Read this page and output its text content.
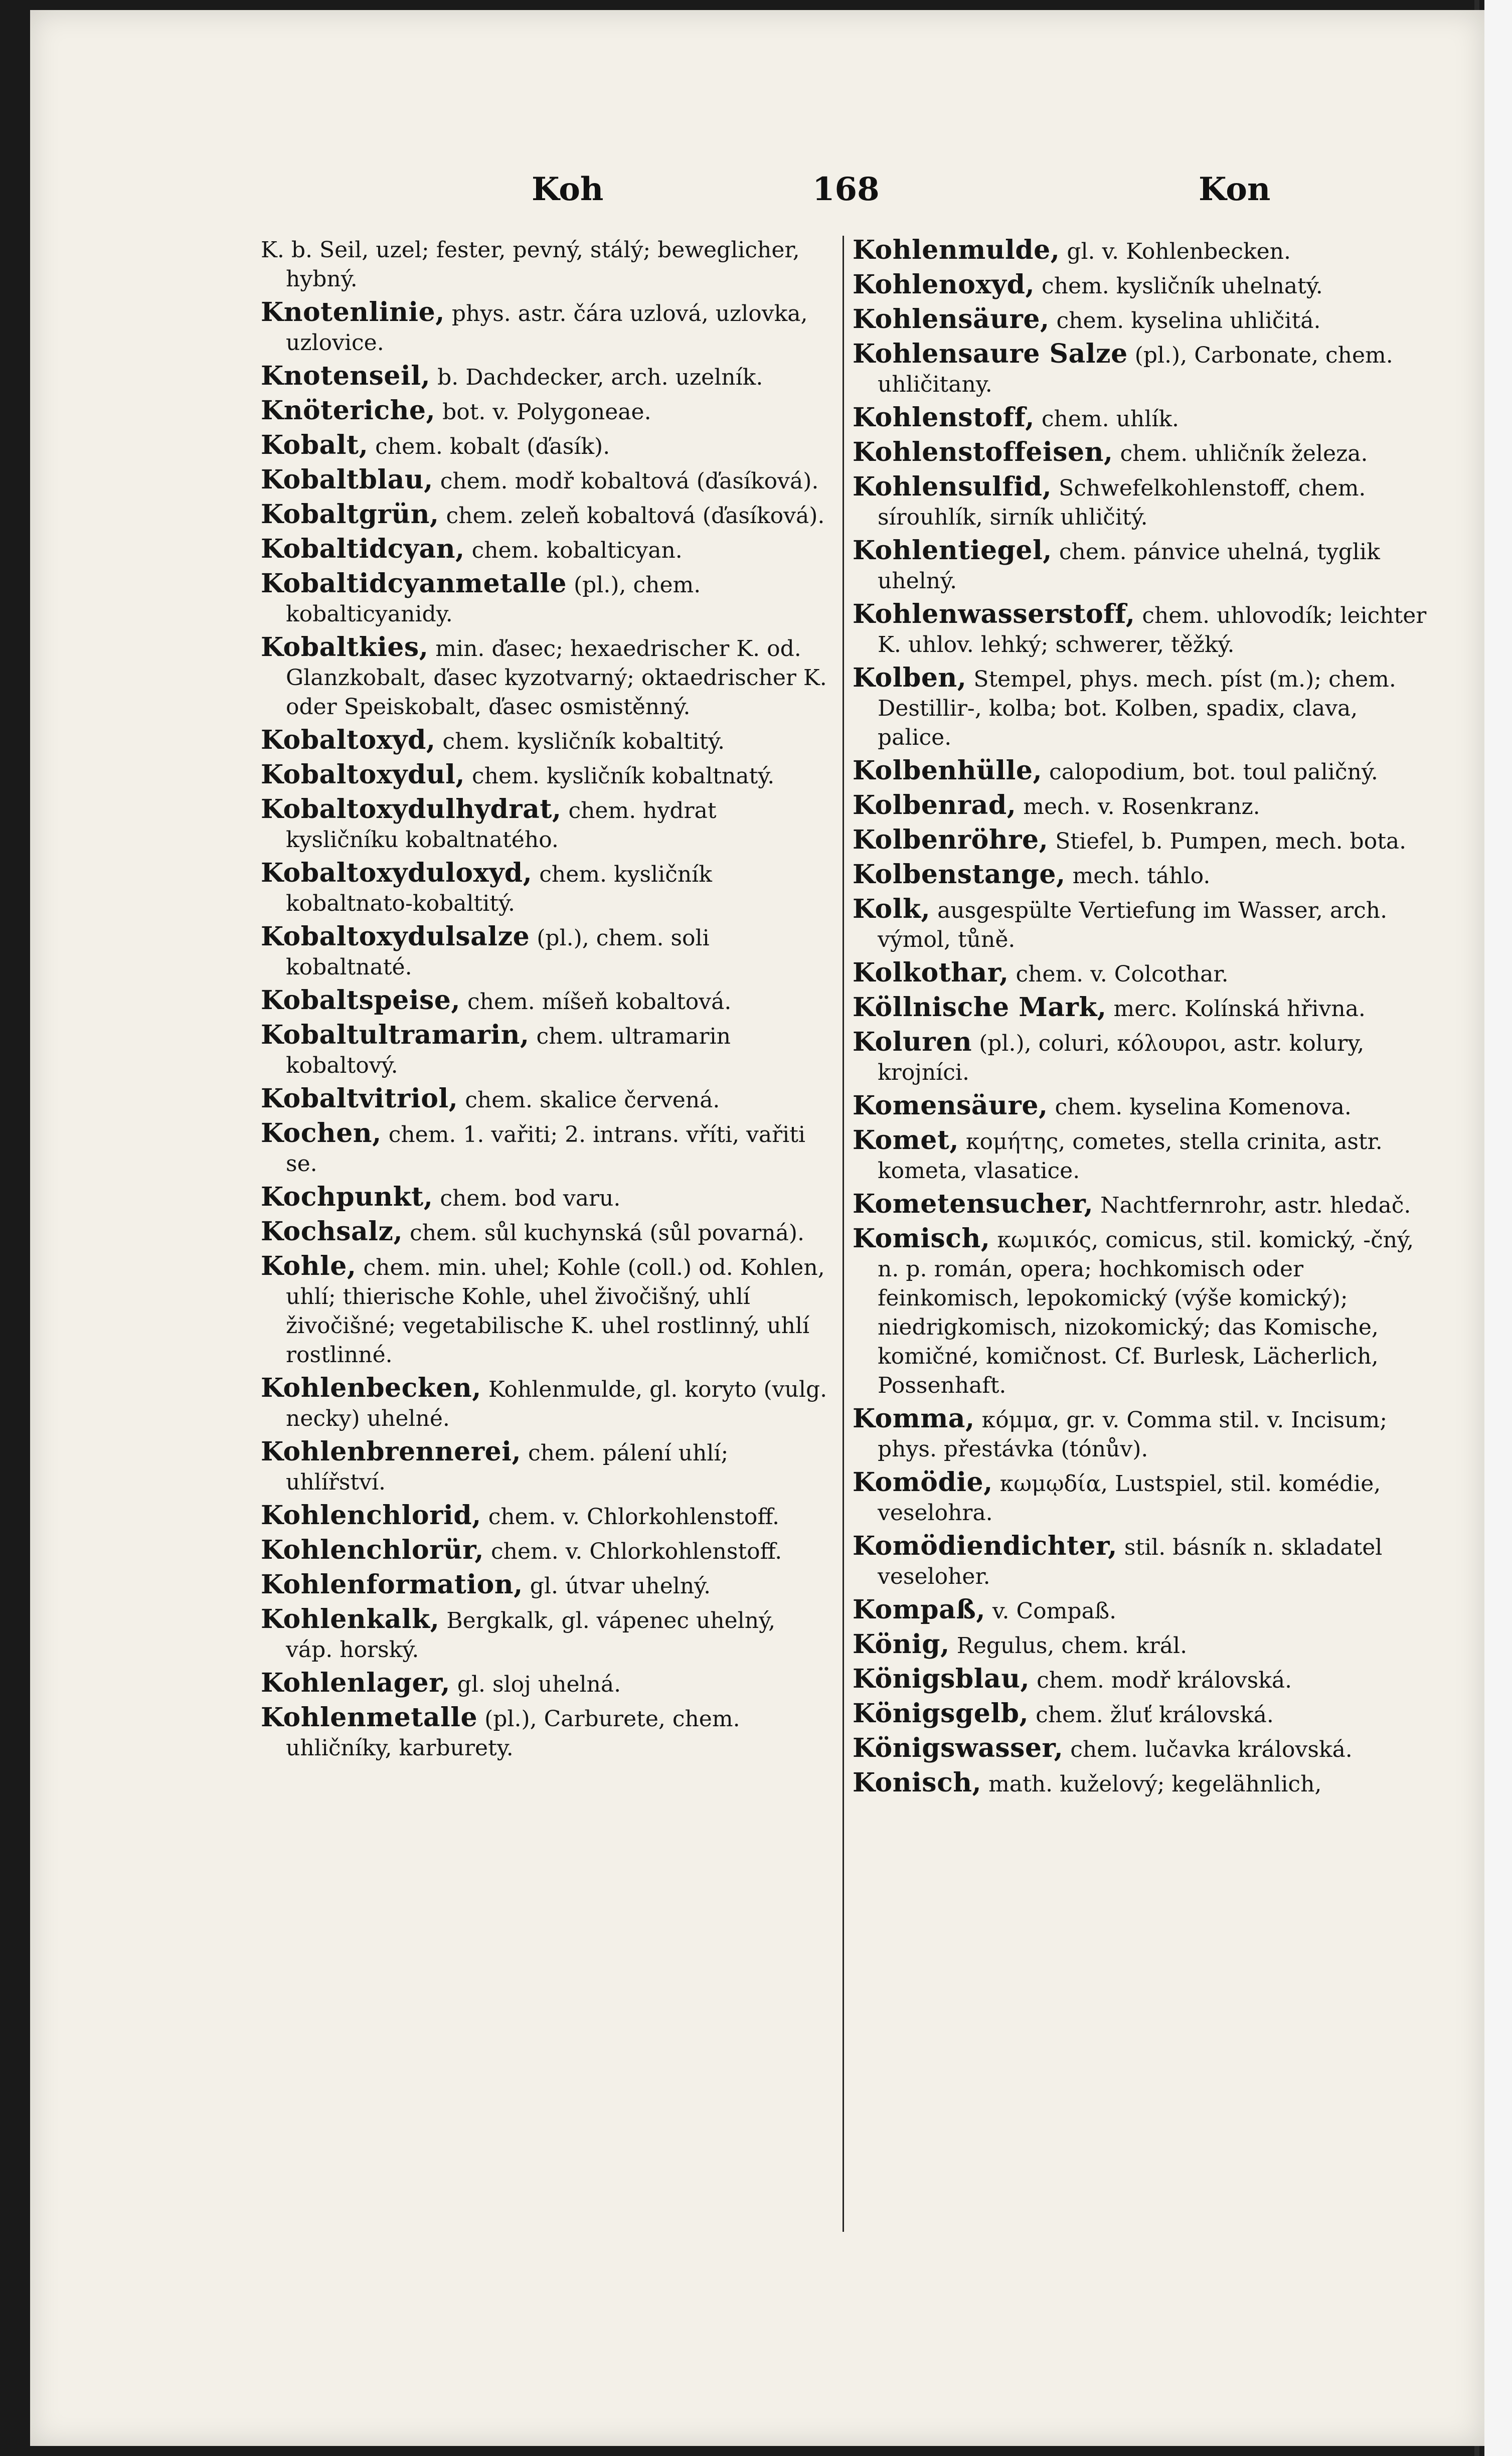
Koh	168	Kon
K. b. Seil, uzel; fester, pevný, stálý; beweglicher, hybný.
Knotenlinie, phys. astr. čára uzlová, uzlovka, uzlovice.
Knotenseil, b. Dachdecker, arch. uzelník.
Knöteriche, bot. v. Polygoneae.
Kobalt, chem. kobalt (ďasík).
Kobaltblau, chem. modř kobaltová (ďasíková).
Kobaltgrün, chem. zeleň kobaltová (ďasíková).
Kobaltidcyan, chem. kobalticyan.
Kobaltidcyanmetalle (pl.), chem. kobalticyanidy.
Kobaltkies, min. ďasec; hexaedrischer K. od. Glanzkobalt, ďasec kyzotvarný; oktaedrischer K. oder Speiskobalt, ďasec osmistěnný.
Kobaltoxyd, chem. kysličník kobaltitý.
Kobaltoxydul, chem. kysličník kobaltnatý.
Kobaltoxydulhydrat, chem. hydrat kysličníku kobaltnatého.
Kobaltoxyduloxyd, chem. kysličník kobaltnato-kobaltitý.
Kobaltoxydulsalze (pl.), chem. soli kobaltnaté.
Kobaltspeise, chem. míšeň kobaltová.
Kobaltultramarin, chem. ultramarin kobaltový.
Kobaltvitriol, chem. skalice červená.
Kochen, chem. 1. vařiti; 2. intrans. vříti, vařiti se.
Kochpunkt, chem. bod varu.
Kochsalz, chem. sůl kuchynská (sůl povarná).
Kohle, chem. min. uhel; Kohle (coll.) od. Kohlen, uhlí; thierische Kohle, uhel živočišný, uhlí živočišné; vegetabilische K. uhel rostlinný, uhlí rostlinné.
Kohlenbecken, Kohlenmulde, gl. koryto (vulg. necky) uhelné.
Kohlenbrennerei, chem. pálení uhlí; uhlířství.
Kohlenchlorid, chem. v. Chlorkohlenstoff.
Kohlenchlorür, chem. v. Chlorkohlenstoff.
Kohlenformation, gl. útvar uhelný.
Kohlenkalk, Bergkalk, gl. vápenec uhelný, váp. horský.
Kohlenlager, gl. sloj uhelná.
Kohlenmetalle (pl.), Carburete, chem. uhličníky, karburety.
Kohlenmulde, gl. v. Kohlenbecken.
Kohlenoxyd, chem. kysličník uhelnatý.
Kohlensäure, chem. kyselina uhličitá.
Kohlensaure Salze (pl.), Carbonate, chem. uhličitany.
Kohlenstoff, chem. uhlík.
Kohlenstoffeisen, chem. uhličník železa.
Kohlensulfid, Schwefelkohlenstoff, chem. sírouhlík, sirník uhličitý.
Kohlentiegel, chem. pánvice uhelná, tyglik uhelný.
Kohlenwasserstoff, chem. uhlovodík; leichter K. uhlov. lehký; schwerer, těžký.
Kolben, Stempel, phys. mech. píst (m.); chem. Destillir-, kolba; bot. Kolben, spadix, clava, palice.
Kolbenhülle, calopodium, bot. toul paličný.
Kolbenrad, mech. v. Rosenkranz.
Kolbenröhre, Stiefel, b. Pumpen, mech. bota.
Kolbenstange, mech. táhlo.
Kolk, ausgespülte Vertiefung im Wasser, arch. výmol, tůně.
Kolkothar, chem. v. Colcothar.
Köllnische Mark, merc. Kolínská hřivna.
Koluren (pl.), coluri, κόλουροι, astr. kolury, krojníci.
Komensäure, chem. kyselina Komenova.
Komet, κομήτης, cometes, stella crinita, astr. kometa, vlasatice.
Kometensucher, Nachtfernrohr, astr. hledač.
Komisch, κωμικός, comicus, stil. komický, -čný, n. p. román, opera; hochkomisch oder feinkomisch, lepokomický (výše komický); niedrigkomisch, nizokomický; das Komische, komičné, komičnost. Cf. Burlesk, Lächerlich, Possenhaft.
Komma, κόμμα, gr. v. Comma stil. v. Incisum; phys. přestávka (tónův).
Komödie, κωμῳδία, Lustspiel, stil. komédie, veselohra.
Komödiendichter, stil. básník n. skladatel veseloher.
Kompaß, v. Compaß.
König, Regulus, chem. král.
Königsblau, chem. modř královská.
Königsgelb, chem. žluť královská.
Königswasser, chem. lučavka královská.
Konisch, math. kuželový; kegelähnlich,
